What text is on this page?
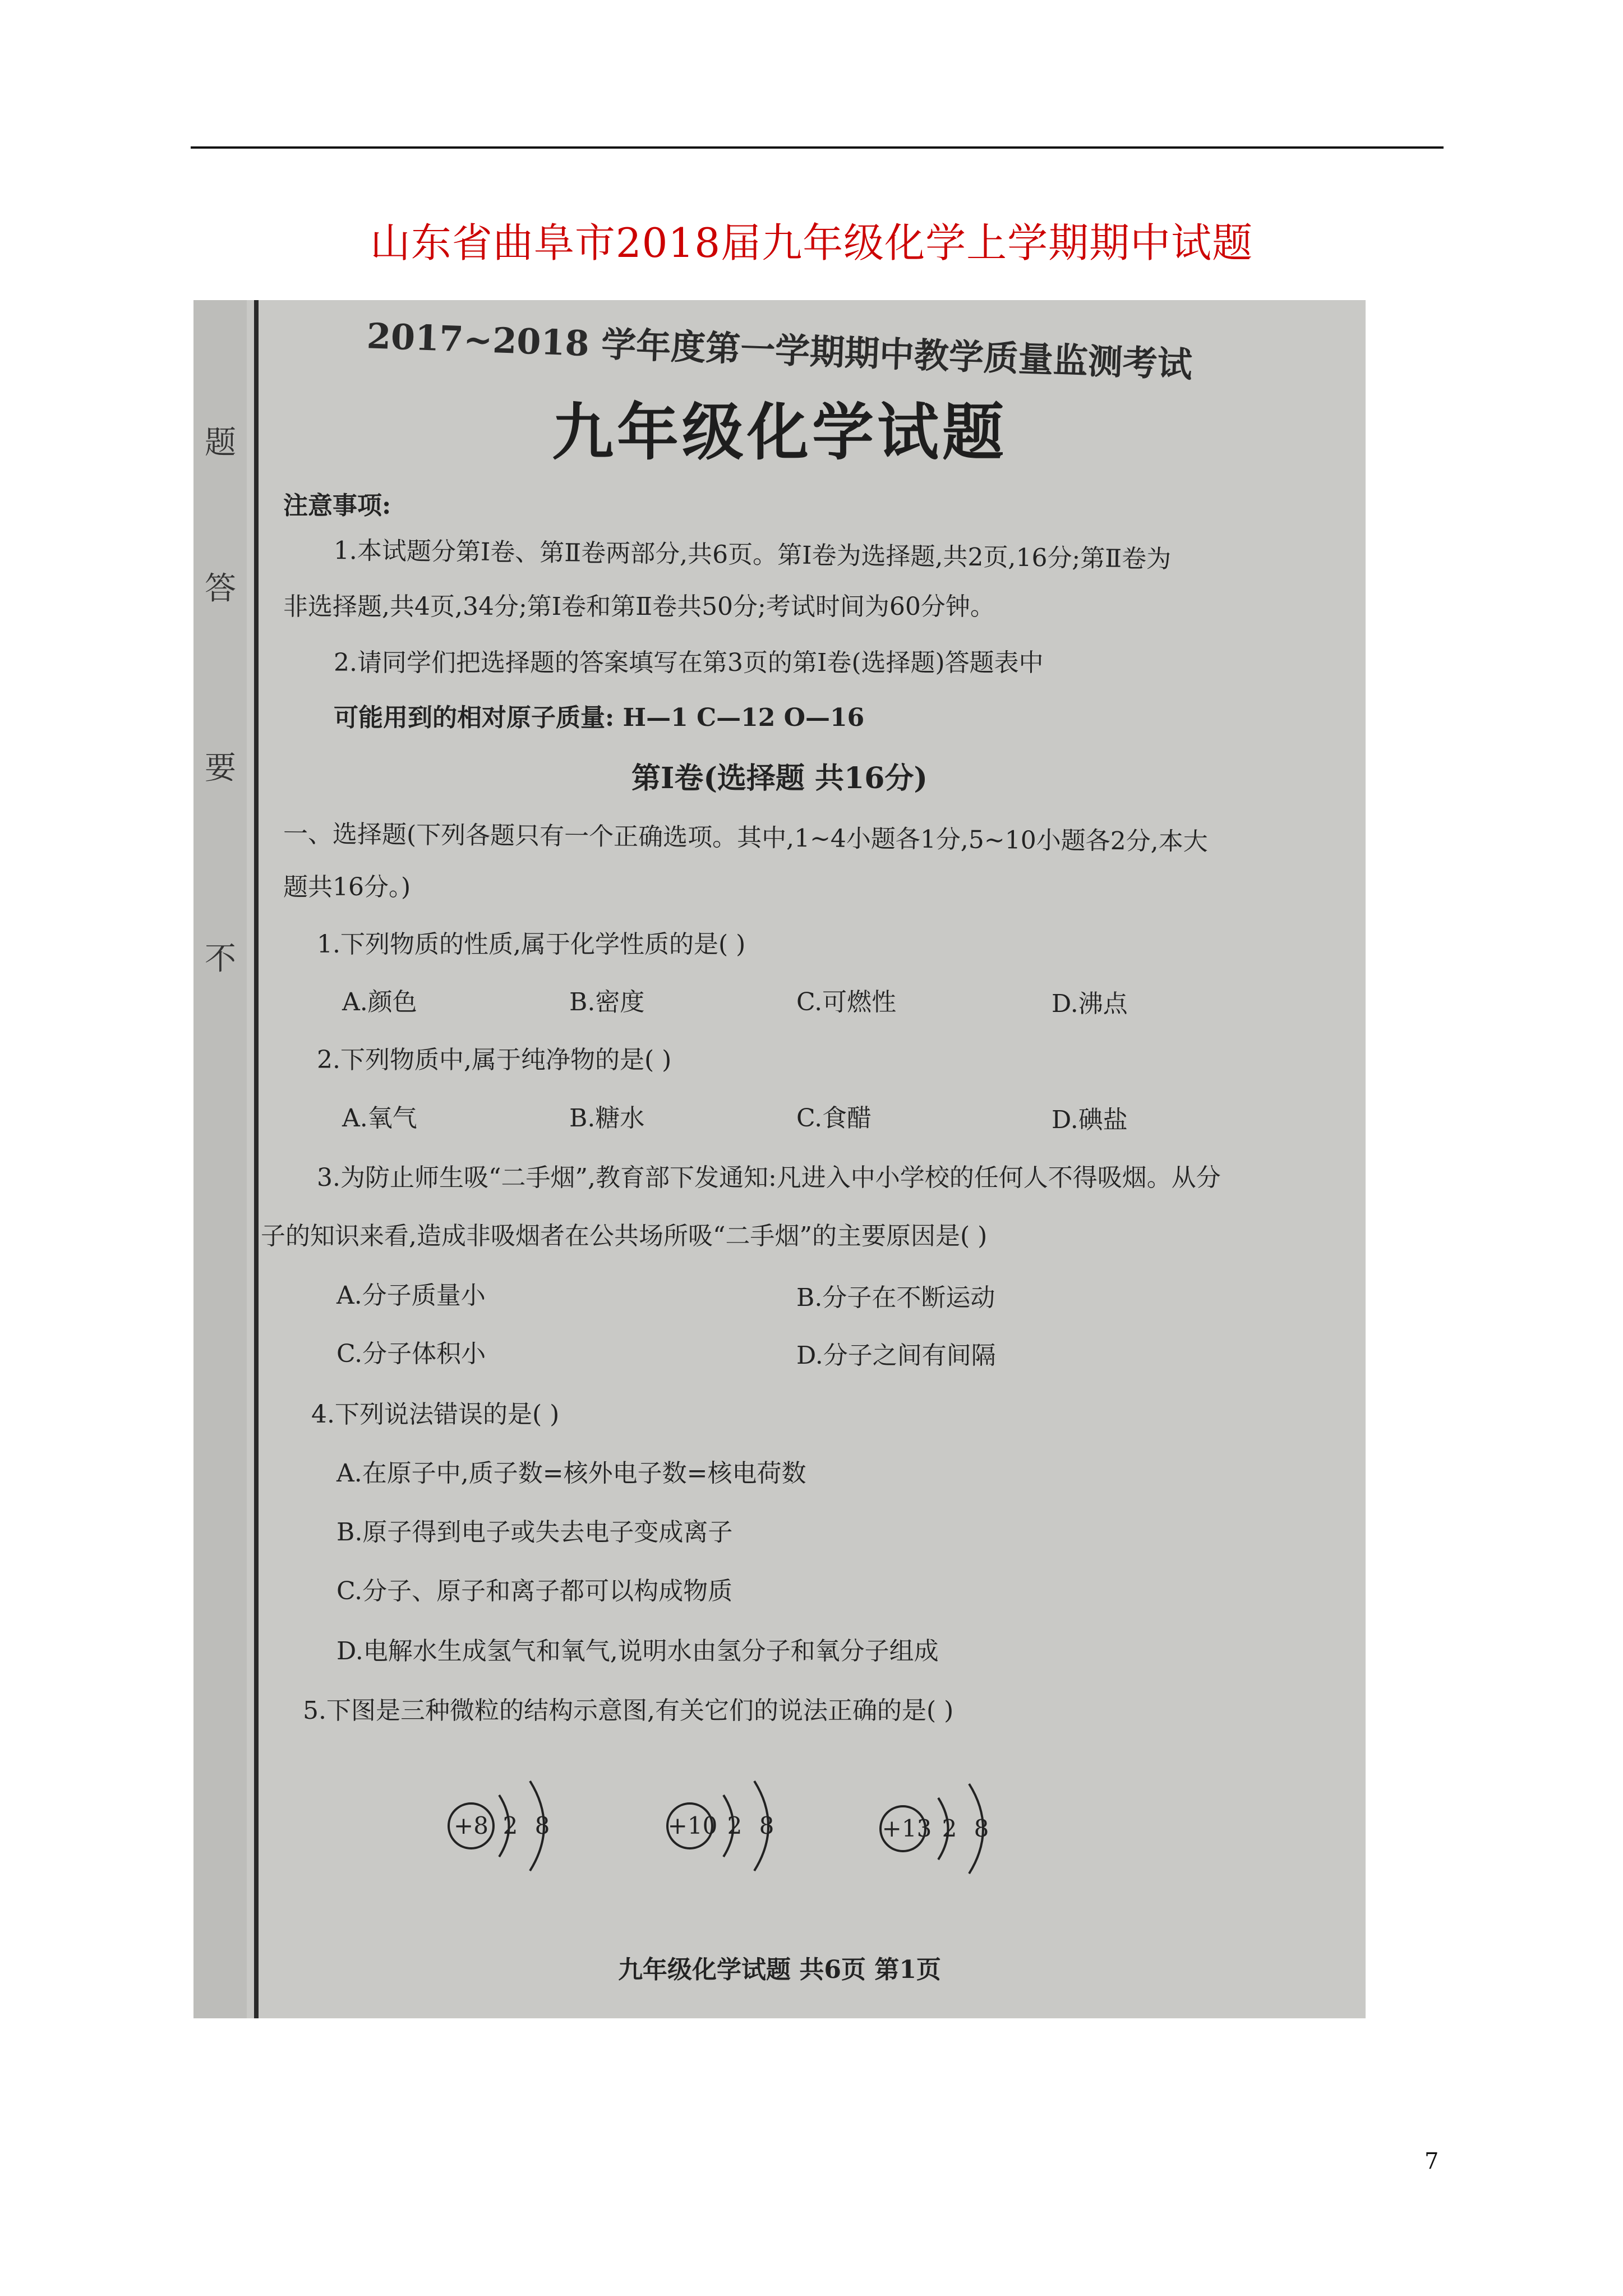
山东省曲阜市2018届九年级化学上学期期中试题
题
答
要
不
2017~2018 学年度第一学期期中教学质量监测考试
九年级化学试题
注意事项:
1.本试题分第Ⅰ卷、第Ⅱ卷两部分,共6页。第Ⅰ卷为选择题,共2页,16分;第Ⅱ卷为
非选择题,共4页,34分;第Ⅰ卷和第Ⅱ卷共50分;考试时间为60分钟。
2.请同学们把选择题的答案填写在第3页的第Ⅰ卷(选择题)答题表中
可能用到的相对原子质量: H—1 C—12 O—16
第Ⅰ卷(选择题 共16分)
一、选择题(下列各题只有一个正确选项。其中,1~4小题各1分,5~10小题各2分,本大
题共16分。)
1.下列物质的性质,属于化学性质的是( )
A.颜色	B.密度	C.可燃性	D.沸点
2.下列物质中,属于纯净物的是( )
A.氧气	B.糖水	C.食醋	D.碘盐
3.为防止师生吸“二手烟”,教育部下发通知:凡进入中小学校的任何人不得吸烟。从分
子的知识来看,造成非吸烟者在公共场所吸“二手烟”的主要原因是( )
A.分子质量小	B.分子在不断运动
C.分子体积小	D.分子之间有间隔
4.下列说法错误的是( )
A.在原子中,质子数=核外电子数=核电荷数
B.原子得到电子或失去电子变成离子
C.分子、原子和离子都可以构成物质
D.电解水生成氢气和氧气,说明水由氢分子和氧分子组成
5.下图是三种微粒的结构示意图,有关它们的说法正确的是( )
+8 2 8	+10 2 8	+13 2 8
九年级化学试题 共6页 第1页
7
